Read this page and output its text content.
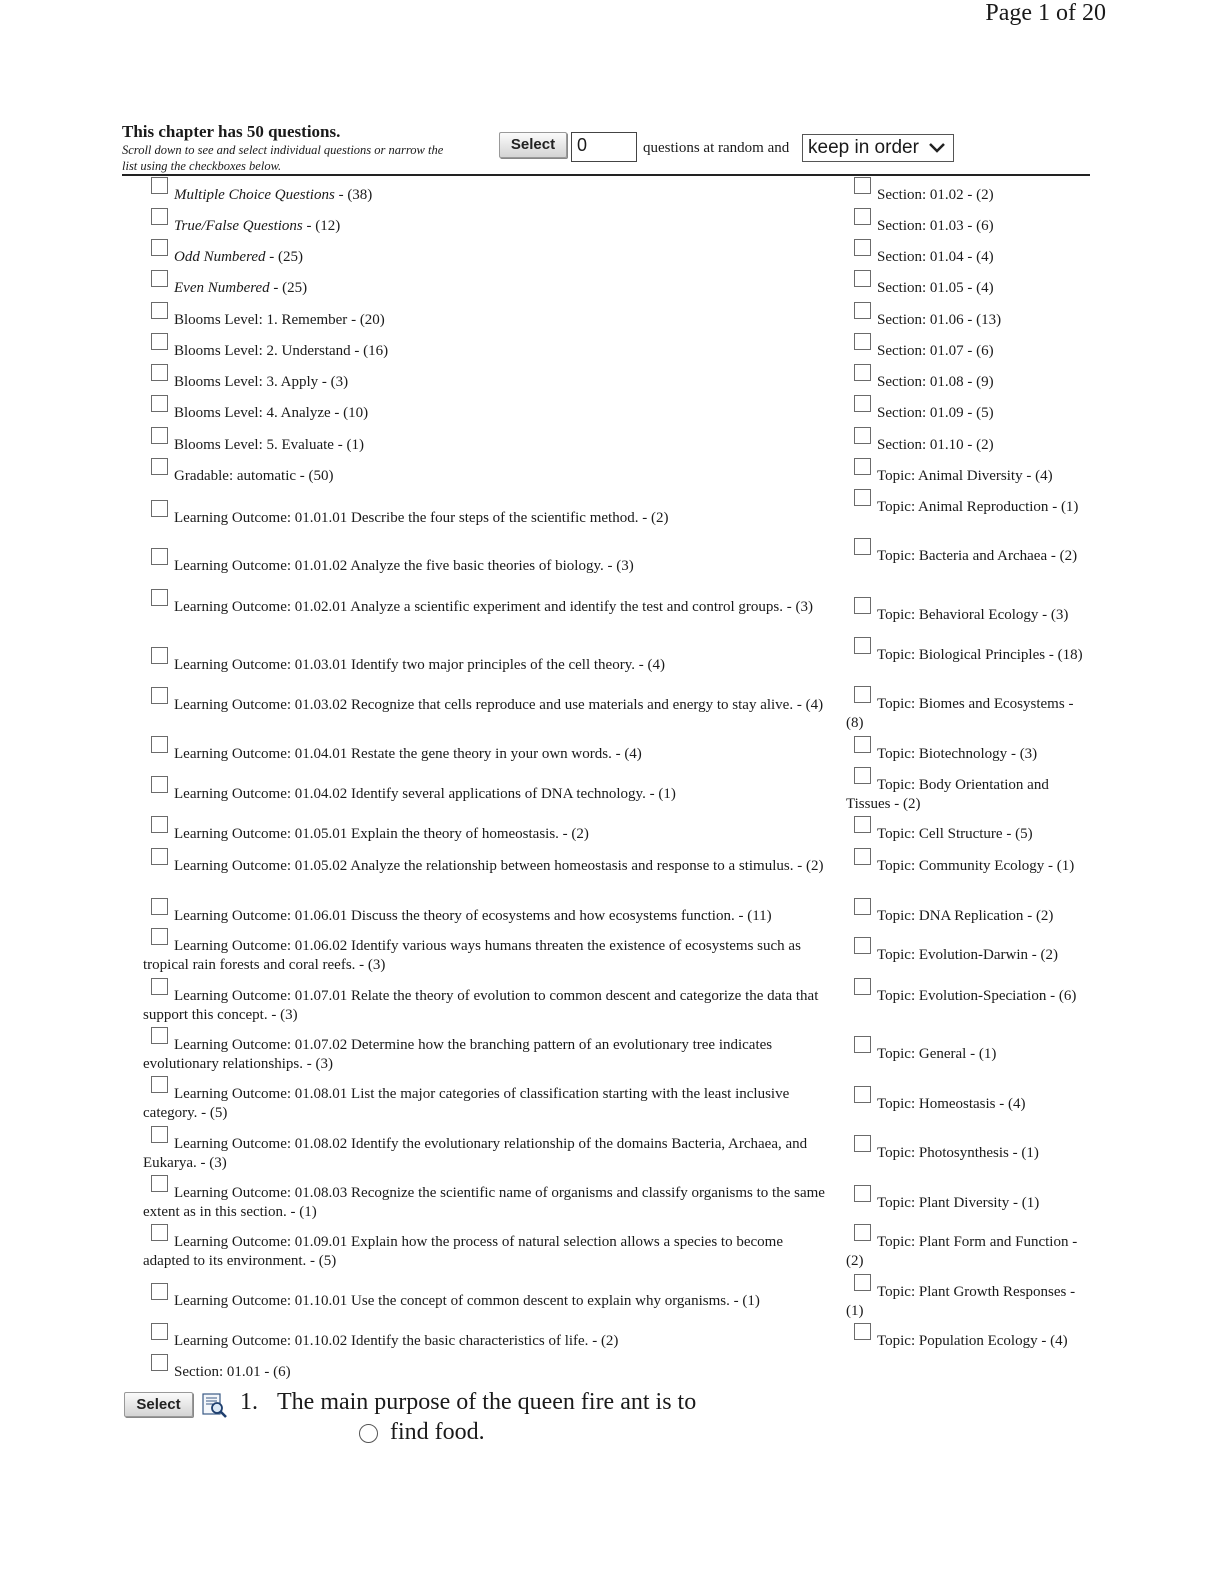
Page 1 of 20
This chapter has 50 questions.
Scroll down to see and select individual questions or narrow the list using the checkboxes below.
Select	0	questions at random and keep in order
Multiple Choice Questions - (38)
True/False Questions - (12)
Odd Numbered - (25)
Even Numbered - (25)
Blooms Level: 1. Remember - (20)
Blooms Level: 2. Understand - (16)
Blooms Level: 3. Apply - (3)
Blooms Level: 4. Analyze - (10)
Blooms Level: 5. Evaluate - (1)
Gradable: automatic - (50)
Learning Outcome: 01.01.01 Describe the four steps of the scientific method. - (2)
Learning Outcome: 01.01.02 Analyze the five basic theories of biology. - (3)
Learning Outcome: 01.02.01 Analyze a scientific experiment and identify the test and control groups. - (3)
Learning Outcome: 01.03.01 Identify two major principles of the cell theory. - (4)
Learning Outcome: 01.03.02 Recognize that cells reproduce and use materials and energy to stay alive. - (4)
Learning Outcome: 01.04.01 Restate the gene theory in your own words. - (4)
Learning Outcome: 01.04.02 Identify several applications of DNA technology. - (1)
Learning Outcome: 01.05.01 Explain the theory of homeostasis. - (2)
Learning Outcome: 01.05.02 Analyze the relationship between homeostasis and response to a stimulus. - (2)
Learning Outcome: 01.06.01 Discuss the theory of ecosystems and how ecosystems function. - (11)
Learning Outcome: 01.06.02 Identify various ways humans threaten the existence of ecosystems such as tropical rain forests and coral reefs. - (3)
Learning Outcome: 01.07.01 Relate the theory of evolution to common descent and categorize the data that support this concept. - (3)
Learning Outcome: 01.07.02 Determine how the branching pattern of an evolutionary tree indicates evolutionary relationships. - (3)
Learning Outcome: 01.08.01 List the major categories of classification starting with the least inclusive category. - (5)
Learning Outcome: 01.08.02 Identify the evolutionary relationship of the domains Bacteria, Archaea, and Eukarya. - (3)
Learning Outcome: 01.08.03 Recognize the scientific name of organisms and classify organisms to the same extent as in this section. - (1)
Learning Outcome: 01.09.01 Explain how the process of natural selection allows a species to become adapted to its environment. - (5)
Learning Outcome: 01.10.01 Use the concept of common descent to explain why organisms. - (1)
Learning Outcome: 01.10.02 Identify the basic characteristics of life. - (2)
Section: 01.01 - (6)
Section: 01.02 - (2)
Section: 01.03 - (6)
Section: 01.04 - (4)
Section: 01.05 - (4)
Section: 01.06 - (13)
Section: 01.07 - (6)
Section: 01.08 - (9)
Section: 01.09 - (5)
Section: 01.10 - (2)
Topic: Animal Diversity - (4)
Topic: Animal Reproduction - (1)
Topic: Bacteria and Archaea - (2)
Topic: Behavioral Ecology - (3)
Topic: Biological Principles - (18)
Topic: Biomes and Ecosystems - (8)
Topic: Biotechnology - (3)
Topic: Body Orientation and Tissues - (2)
Topic: Cell Structure - (5)
Topic: Community Ecology - (1)
Topic: DNA Replication - (2)
Topic: Evolution-Darwin - (2)
Topic: Evolution-Speciation - (6)
Topic: General - (1)
Topic: Homeostasis - (4)
Topic: Photosynthesis - (1)
Topic: Plant Diversity - (1)
Topic: Plant Form and Function - (2)
Topic: Plant Growth Responses - (1)
Topic: Population Ecology - (4)
Select	1. The main purpose of the queen fire ant is to
find food.
